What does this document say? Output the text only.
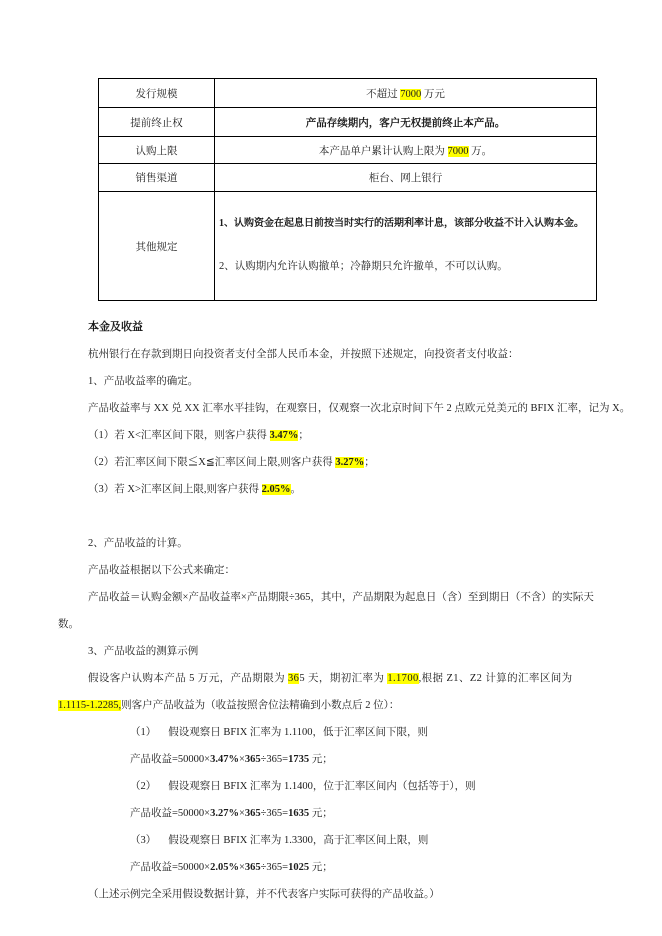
发行规模	不超过 7000 万元
提前终止权	产品存续期内，客户无权提前终止本产品。
认购上限	本产品单户累计认购上限为 7000 万。
销售渠道	柜台、网上银行
其他规定	1、认购资金在起息日前按当时实行的活期利率计息，该部分收益不计入认购本金。

2、认购期内允许认购撤单；冷静期只允许撤单，不可以认购。

本金及收益
杭州银行在存款到期日向投资者支付全部人民币本金，并按照下述规定，向投资者支付收益：
1、产品收益率的确定。
产品收益率与 XX 兑 XX 汇率水平挂钩，在观察日，仅观察一次北京时间下午 2 点欧元兑美元的 BFIX 汇率，记为 X。
（1）若 X<汇率区间下限，则客户获得 3.47%；
（2）若汇率区间下限≦X≦汇率区间上限,则客户获得 3.27%；
（3）若 X>汇率区间上限,则客户获得 2.05%。
2、产品收益的计算。
产品收益根据以下公式来确定：
产品收益＝认购金额×产品收益率×产品期限÷365，其中，产品期限为起息日（含）至到期日（不含）的实际天
数。
3、产品收益的测算示例
假设客户认购本产品 5 万元，产品期限为 365 天，期初汇率为 1.1700,根据 Z1、Z2 计算的汇率区间为
1.1115-1.2285,则客户产品收益为（收益按照舍位法精确到小数点后 2 位）：
（1） 假设观察日 BFIX 汇率为 1.1100，低于汇率区间下限，则
产品收益=50000×3.47%×365÷365=1735 元；
（2） 假设观察日 BFIX 汇率为 1.1400，位于汇率区间内（包括等于），则
产品收益=50000×3.27%×365÷365=1635 元；
（3） 假设观察日 BFIX 汇率为 1.3300，高于汇率区间上限，则
产品收益=50000×2.05%×365÷365=1025 元；
（上述示例完全采用假设数据计算，并不代表客户实际可获得的产品收益。）
